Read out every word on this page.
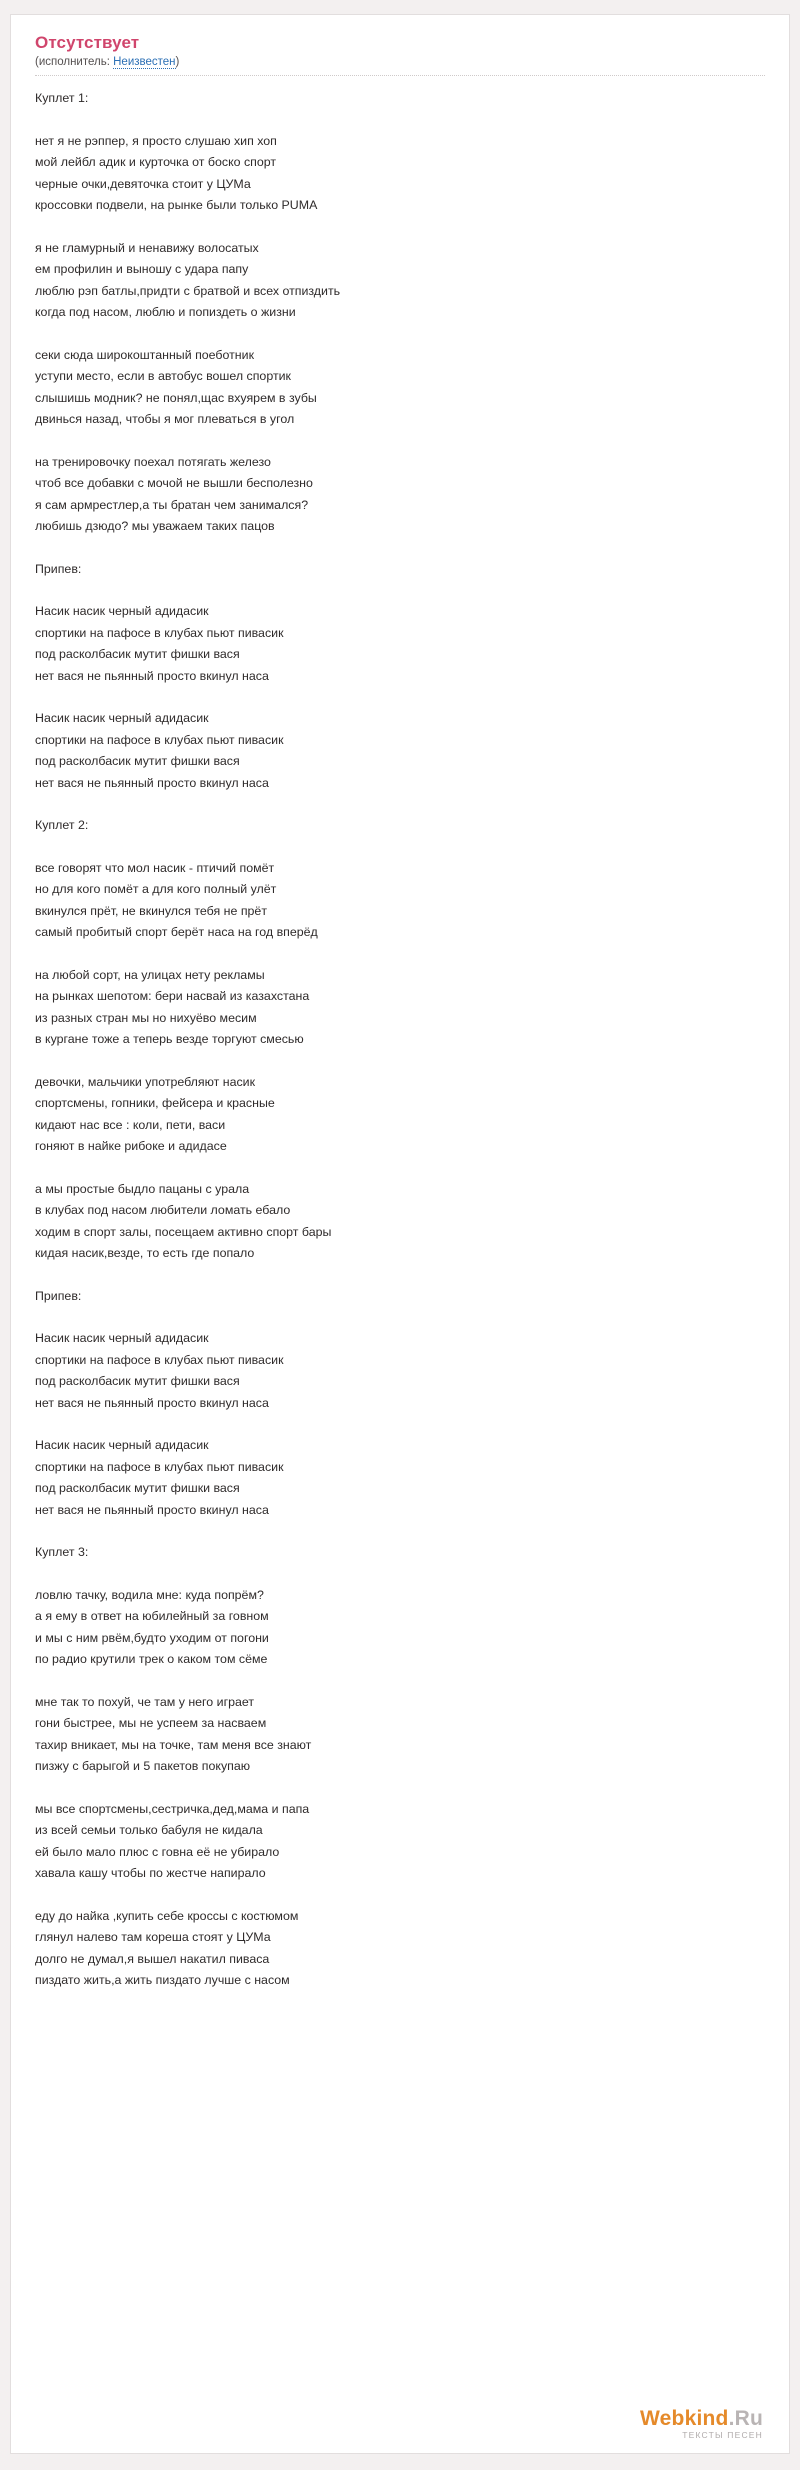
Отсутствует
(исполнитель: Неизвестен)
Куплет 1:
нет я не рэппер, я просто слушаю хип хоп
мой лейбл адик и курточка от боско спорт
черные очки,девяточка стоит у ЦУМа
кроссовки подвели, на рынке были только PUMA
я не гламурный и ненавижу волосатых
ем профилин и выношу с удара папу
люблю рэп батлы,придти с братвой и всех отпиздить
когда под насом, люблю и попиздеть о жизни
секи сюда широкоштанный поеботник
уступи место, если в автобус вошел спортик
слышишь модник? не понял,щас вхуярем в зубы
двинься назад, чтобы я мог плеваться в угол
на тренировочку поехал потягать железо
чтоб все добавки с мочой не вышли бесполезно
я сам армрестлер,а ты братан чем занимался?
любишь дзюдо? мы уважаем таких пацов
Припев:
Насик насик черный адидасик
спортики на пафосе в клубах пьют пивасик
под расколбасик мутит фишки вася
нет вася не пьянный просто вкинул наса
Насик насик черный адидасик
спортики на пафосе в клубах пьют пивасик
под расколбасик мутит фишки вася
нет вася не пьянный просто вкинул наса
Куплет 2:
все говорят что мол насик - птичий помёт
но для кого помёт а для кого полный улёт
вкинулся прёт, не вкинулся тебя не прёт
самый пробитый спорт берёт наса на год вперёд
на любой сорт, на улицах нету рекламы
на рынках шепотом: бери насвай из казахстана
из разных стран мы но нихуёво месим
в кургане тоже а теперь везде торгуют смесью
девочки, мальчики употребляют насик
спортсмены, гопники, фейсера и красные
кидают нас все : коли, пети, васи
гоняют в найке рибоке и адидасе
а мы простые быдло пацаны с урала
в клубах под насом любители ломать ебало
ходим в спорт залы, посещаем активно спорт бары
кидая насик,везде, то есть где попало
Припев:
Насик насик черный адидасик
спортики на пафосе в клубах пьют пивасик
под расколбасик мутит фишки вася
нет вася не пьянный просто вкинул наса
Насик насик черный адидасик
спортики на пафосе в клубах пьют пивасик
под расколбасик мутит фишки вася
нет вася не пьянный просто вкинул наса
Куплет 3:
ловлю тачку, водила мне: куда попрём?
а я ему в ответ на юбилейный за говном
и мы с ним рвём,будто уходим от погони
по радио крутили трек о каком том сёме
мне так то похуй, че там у него играет
гони быстрее, мы не успеем за насваем
тахир вникает, мы на точке, там меня все знают
пизжу с барыгой и 5 пакетов покупаю
мы все спортсмены,сестричка,дед,мама и папа
из всей семьи только бабуля не кидала
ей было мало плюс с говна её не убирало
хавала кашу чтобы по жестче напирало
еду до найка ,купить себе кроссы с костюмом
глянул налево там кореша стоят у ЦУМа
долго не думал,я вышел накатил пиваса
пиздато жить,а жить пиздато лучше с насом
Webkind.Ru
ТЕКСТЫ ПЕСЕН
